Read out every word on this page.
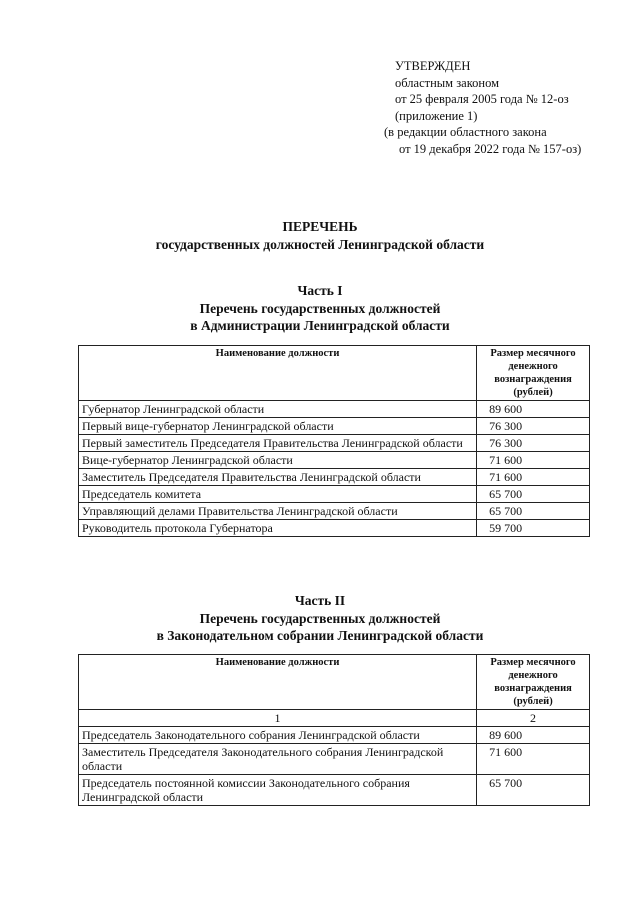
УТВЕРЖДЕН
областным законом
от 25 февраля 2005 года № 12-оз
(приложение 1)
(в редакции областного закона
от 19 декабря 2022 года № 157-оз)
ПЕРЕЧЕНЬ
государственных должностей Ленинградской области
Часть I
Перечень государственных должностей
в Администрации Ленинградской области
Наименование должности	Размер месячного денежного вознаграждения (рублей)
Губернатор Ленинградской области	89 600
Первый вице-губернатор Ленинградской области	76 300
Первый заместитель Председателя Правительства Ленинградской области	76 300
Вице-губернатор Ленинградской области	71 600
Заместитель Председателя Правительства Ленинградской области	71 600
Председатель комитета	65 700
Управляющий делами Правительства Ленинградской области	65 700
Руководитель протокола Губернатора	59 700
Часть II
Перечень государственных должностей
в Законодательном собрании Ленинградской области
Наименование должности	Размер месячного денежного вознаграждения (рублей)
1	2
Председатель Законодательного собрания Ленинградской области	89 600
Заместитель Председателя Законодательного собрания Ленинградской области	71 600
Председатель постоянной комиссии Законодательного собрания Ленинградской области	65 700
